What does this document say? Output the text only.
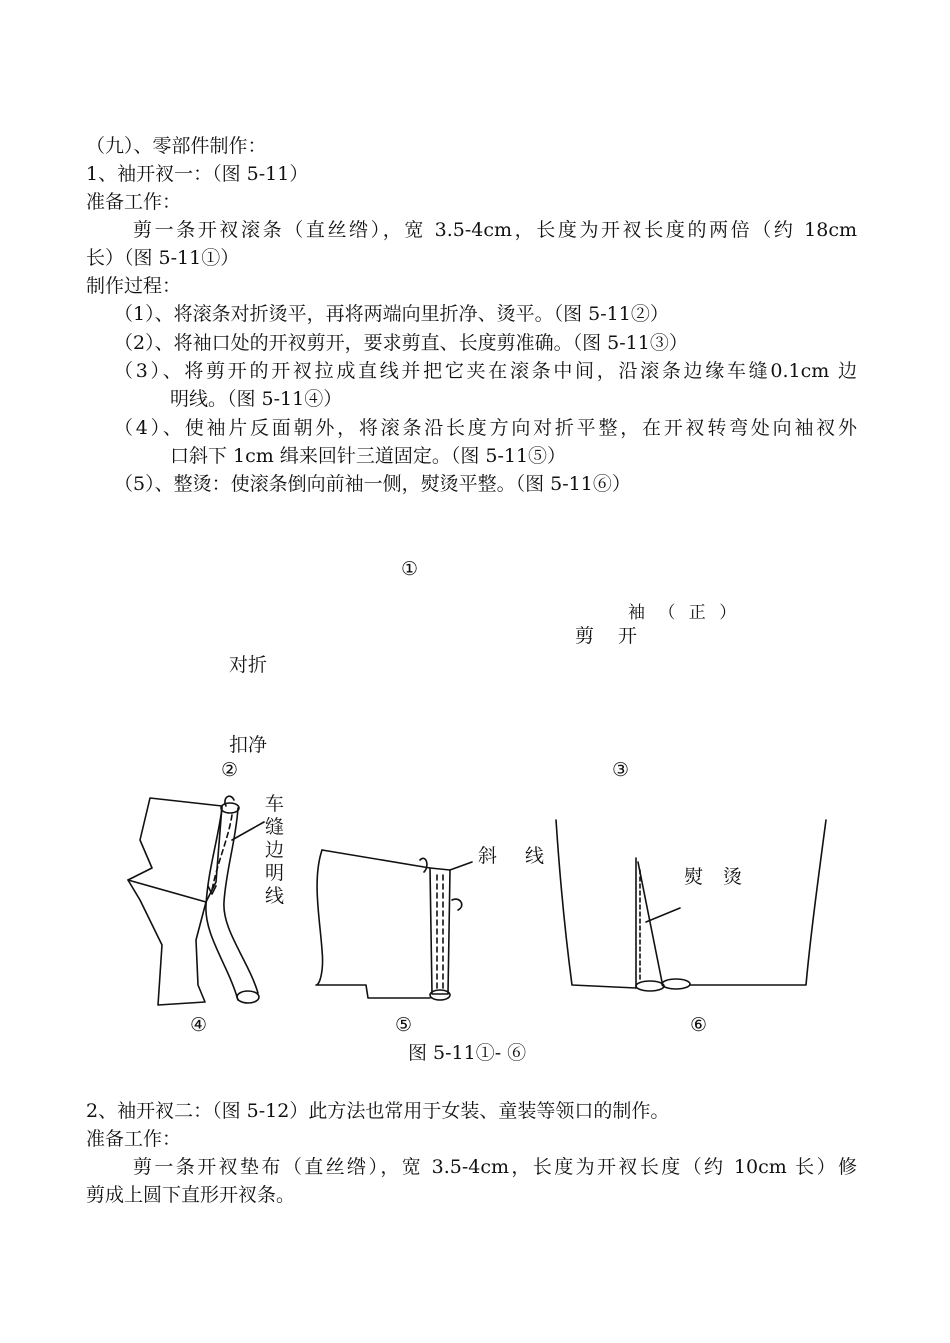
（九）、零部件制作：
1、袖开衩一：（图 5-11）
准备工作：
剪一条开衩滚条（直丝绺），宽 3.5-4cm，长度为开衩长度的两倍（约 18cm
长）（图 5-11①）
制作过程：
（1）、将滚条对折烫平，再将两端向里折净、烫平。（图 5-11②）
（2）、将袖口处的开衩剪开，要求剪直、长度剪准确。（图 5-11③）
（3）、将剪开的开衩拉成直线并把它夹在滚条中间，沿滚条边缘车缝0.1cm 边
明线。（图 5-11④）
（4）、使袖片反面朝外，将滚条沿长度方向对折平整，在开衩转弯处向袖衩外
口斜下 1cm 缉来回针三道固定。（图 5-11⑤）
（5）、整烫：使滚条倒向前袖一侧，熨烫平整。（图 5-11⑥）
①
袖 （ 正 ）
剪 开
对折
扣净
②	③
车缝边明线
斜 线
熨 烫
④	⑤	⑥
图 5-11①- ⑥
2、袖开衩二：（图 5-12）此方法也常用于女装、童装等领口的制作。
准备工作：
剪一条开衩垫布（直丝绺），宽 3.5-4cm，长度为开衩长度（约 10cm 长）修
剪成上圆下直形开衩条。
